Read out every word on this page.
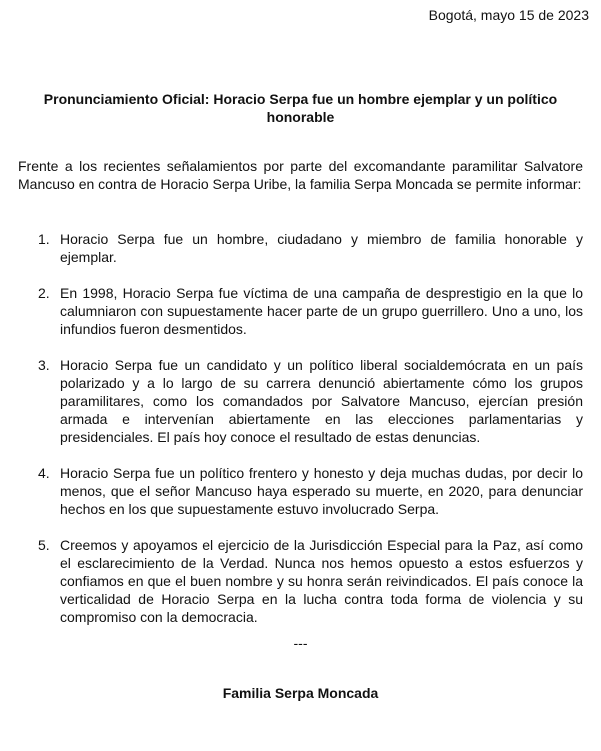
Bogotá, mayo 15 de 2023
Pronunciamiento Oficial: Horacio Serpa fue un hombre ejemplar y un político honorable
Frente a los recientes señalamientos por parte del excomandante paramilitar Salvatore Mancuso en contra de Horacio Serpa Uribe, la familia Serpa Moncada se permite informar:
1. Horacio Serpa fue un hombre, ciudadano y miembro de familia honorable y ejemplar.
2. En 1998, Horacio Serpa fue víctima de una campaña de desprestigio en la que lo calumniaron con supuestamente hacer parte de un grupo guerrillero. Uno a uno, los infundios fueron desmentidos.
3. Horacio Serpa fue un candidato y un político liberal socialdemócrata en un país polarizado y a lo largo de su carrera denunció abiertamente cómo los grupos paramilitares, como los comandados por Salvatore Mancuso, ejercían presión armada e intervenían abiertamente en las elecciones parlamentarias y presidenciales. El país hoy conoce el resultado de estas denuncias.
4. Horacio Serpa fue un político frentero y honesto y deja muchas dudas, por decir lo menos, que el señor Mancuso haya esperado su muerte, en 2020, para denunciar hechos en los que supuestamente estuvo involucrado Serpa.
5. Creemos y apoyamos el ejercicio de la Jurisdicción Especial para la Paz, así como el esclarecimiento de la Verdad. Nunca nos hemos opuesto a estos esfuerzos y confiamos en que el buen nombre y su honra serán reivindicados. El país conoce la verticalidad de Horacio Serpa en la lucha contra toda forma de violencia y su compromiso con la democracia.
---
Familia Serpa Moncada
